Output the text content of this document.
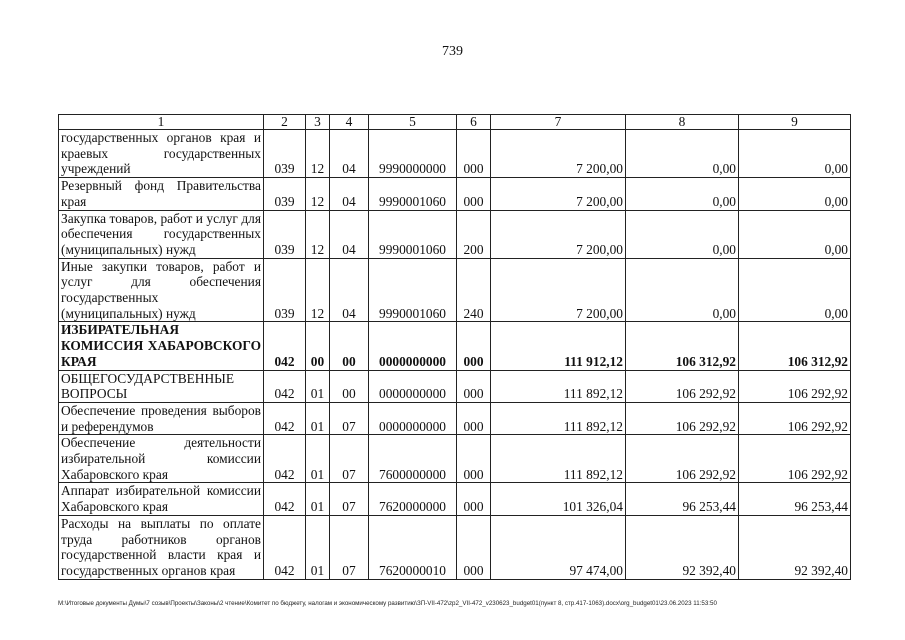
739
1	2	3	4	5	6	7	8	9
государственных органов края и краевых государственных учреждений	039	12	04	9990000000	000	7 200,00	0,00	0,00
Резервный фонд Правительства края	039	12	04	9990001060	000	7 200,00	0,00	0,00
Закупка товаров, работ и услуг для обеспечения государственных (муниципальных) нужд	039	12	04	9990001060	200	7 200,00	0,00	0,00
Иные закупки товаров, работ и услуг для обеспечения государственных (муниципальных) нужд	039	12	04	9990001060	240	7 200,00	0,00	0,00
ИЗБИРАТЕЛЬНАЯ КОМИССИЯ ХАБАРОВСКОГО КРАЯ	042	00	00	0000000000	000	111 912,12	106 312,92	106 312,92
ОБЩЕГОСУДАРСТВЕННЫЕ ВОПРОСЫ	042	01	00	0000000000	000	111 892,12	106 292,92	106 292,92
Обеспечение проведения выборов и референдумов	042	01	07	0000000000	000	111 892,12	106 292,92	106 292,92
Обеспечение деятельности избирательной комиссии Хабаровского края	042	01	07	7600000000	000	111 892,12	106 292,92	106 292,92
Аппарат избирательной комиссии Хабаровского края	042	01	07	7620000000	000	101 326,04	96 253,44	96 253,44
Расходы на выплаты по оплате труда работников органов государственной власти края и государственных органов края	042	01	07	7620000010	000	97 474,00	92 392,40	92 392,40
M:\Итоговые документы Думы\7 созыв\Проекты\Законы\2 чтение\Комитет по бюджету, налогам и экономическому развитию\ЗП-VII-472\zp2_VII-472_v230623_budget01(пункт 8, стр.417-1063).docx\org_budget01\23.06.2023 11:53:50
